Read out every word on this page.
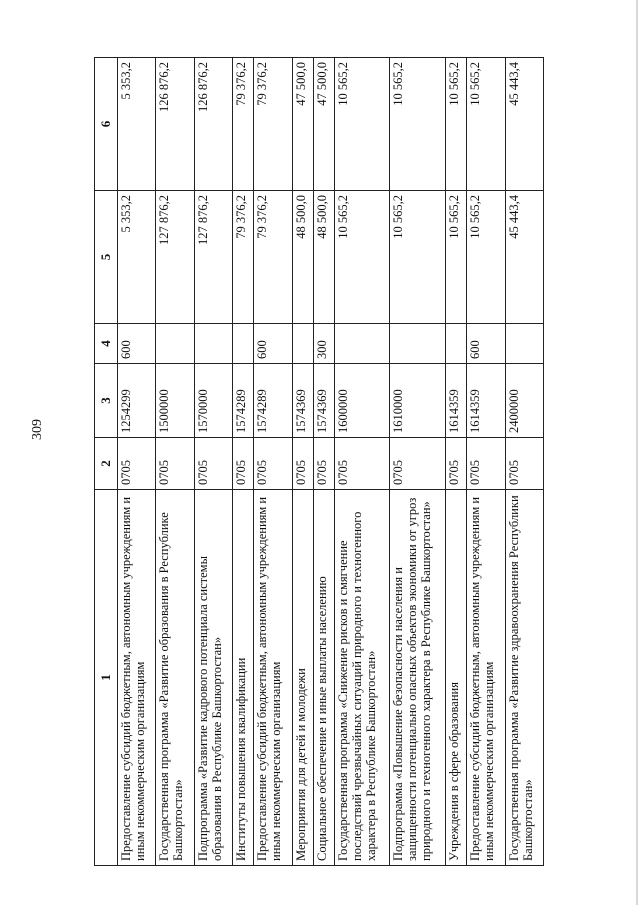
309
1	2	3	4	5	6
Предоставление субсидий бюджетным, автономным учреждениям и иным некоммерческим организациям	0705	1254299	600	5 353,2	5 353,2
Государственная программа «Развитие образования в Республике Башкортостан»	0705	1500000		127 876,2	126 876,2
Подпрограмма «Развитие кадрового потенциала системы образования в Республике Башкортостан»	0705	1570000		127 876,2	126 876,2
Институты повышения квалификации	0705	1574289		79 376,2	79 376,2
Предоставление субсидий бюджетным, автономным учреждениям и иным некоммерческим организациям	0705	1574289	600	79 376,2	79 376,2
Мероприятия для детей и молодежи	0705	1574369		48 500,0	47 500,0
Социальное обеспечение и иные выплаты населению	0705	1574369	300	48 500,0	47 500,0
Государственная программа «Снижение рисков и смягчение последствий чрезвычайных ситуаций природного и техногенного характера в Республике Башкортостан»	0705	1600000		10 565,2	10 565,2
Подпрограмма «Повышение безопасности населения и защищенности потенциально опасных объектов экономики от угроз природного и техногенного характера в Республике Башкортостан»	0705	1610000		10 565,2	10 565,2
Учреждения в сфере образования	0705	1614359		10 565,2	10 565,2
Предоставление субсидий бюджетным, автономным учреждениям и иным некоммерческим организациям	0705	1614359	600	10 565,2	10 565,2
Государственная программа «Развитие здравоохранения Республики Башкортостан»	0705	2400000		45 443,4	45 443,4
